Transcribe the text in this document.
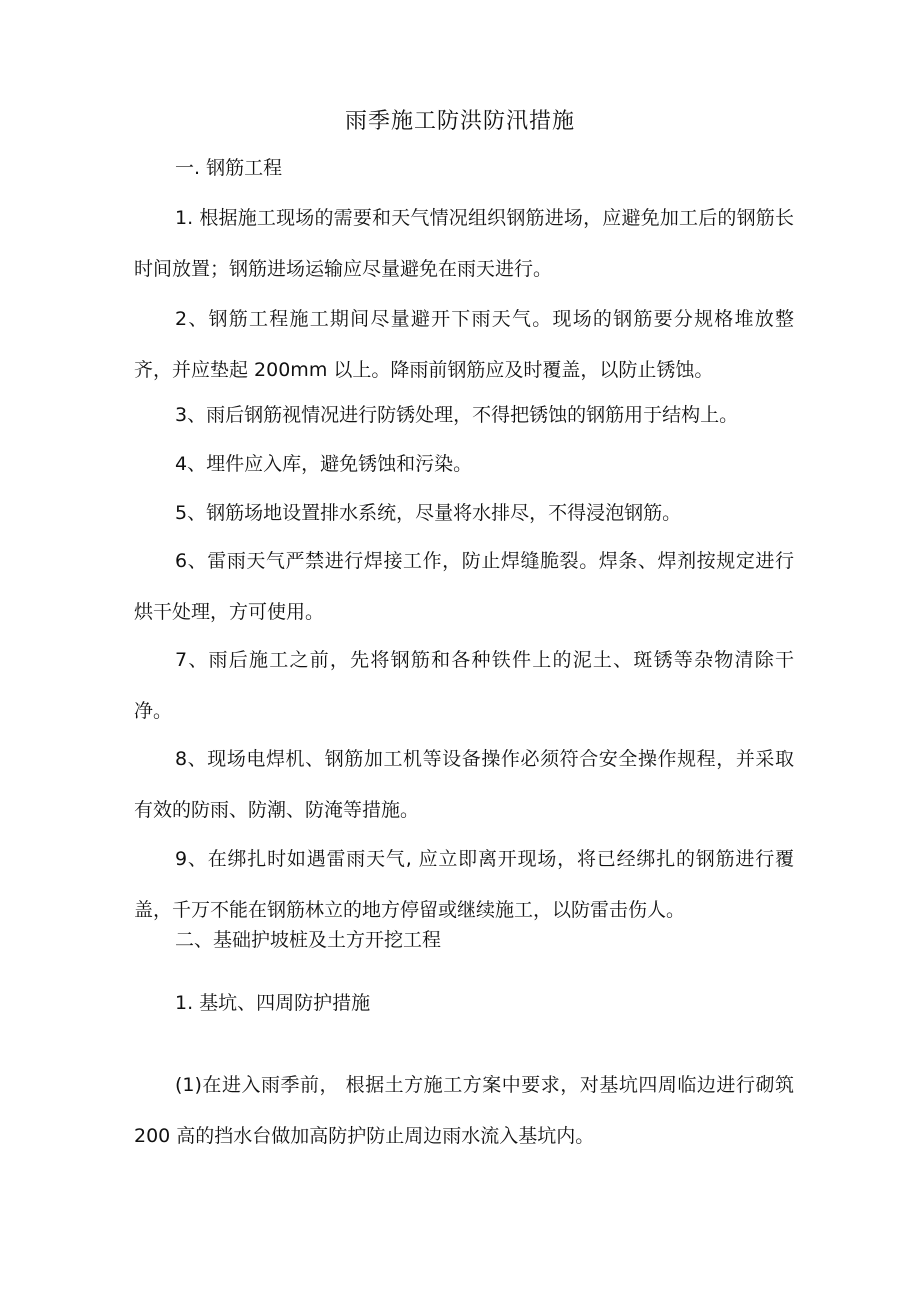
雨季施工防洪防汛措施
一. 钢筋工程

1. 根据施工现场的需要和天气情况组织钢筋进场，应避免加工后的钢筋长时间放置；钢筋进场运输应尽量避免在雨天进行。

2、钢筋工程施工期间尽量避开下雨天气。现场的钢筋要分规格堆放整齐，并应垫起 200mm 以上。降雨前钢筋应及时覆盖，以防止锈蚀。

3、雨后钢筋视情况进行防锈处理，不得把锈蚀的钢筋用于结构上。

4、埋件应入库，避免锈蚀和污染。

5、钢筋场地设置排水系统，尽量将水排尽，不得浸泡钢筋。

6、雷雨天气严禁进行焊接工作，防止焊缝脆裂。焊条、焊剂按规定进行烘干处理，方可使用。

7、雨后施工之前，先将钢筋和各种铁件上的泥土、斑锈等杂物清除干净。

8、现场电焊机、钢筋加工机等设备操作必须符合安全操作规程，并采取有效的防雨、防潮、防淹等措施。

9、在绑扎时如遇雷雨天气, 应立即离开现场，将已经绑扎的钢筋进行覆盖，千万不能在钢筋林立的地方停留或继续施工，以防雷击伤人。

二、基础护坡桩及土方开挖工程
1. 基坑、四周防护措施

(1)在进入雨季前， 根据土方施工方案中要求，对基坑四周临边进行砌筑 200 高的挡水台做加高防护防止周边雨水流入基坑内。
